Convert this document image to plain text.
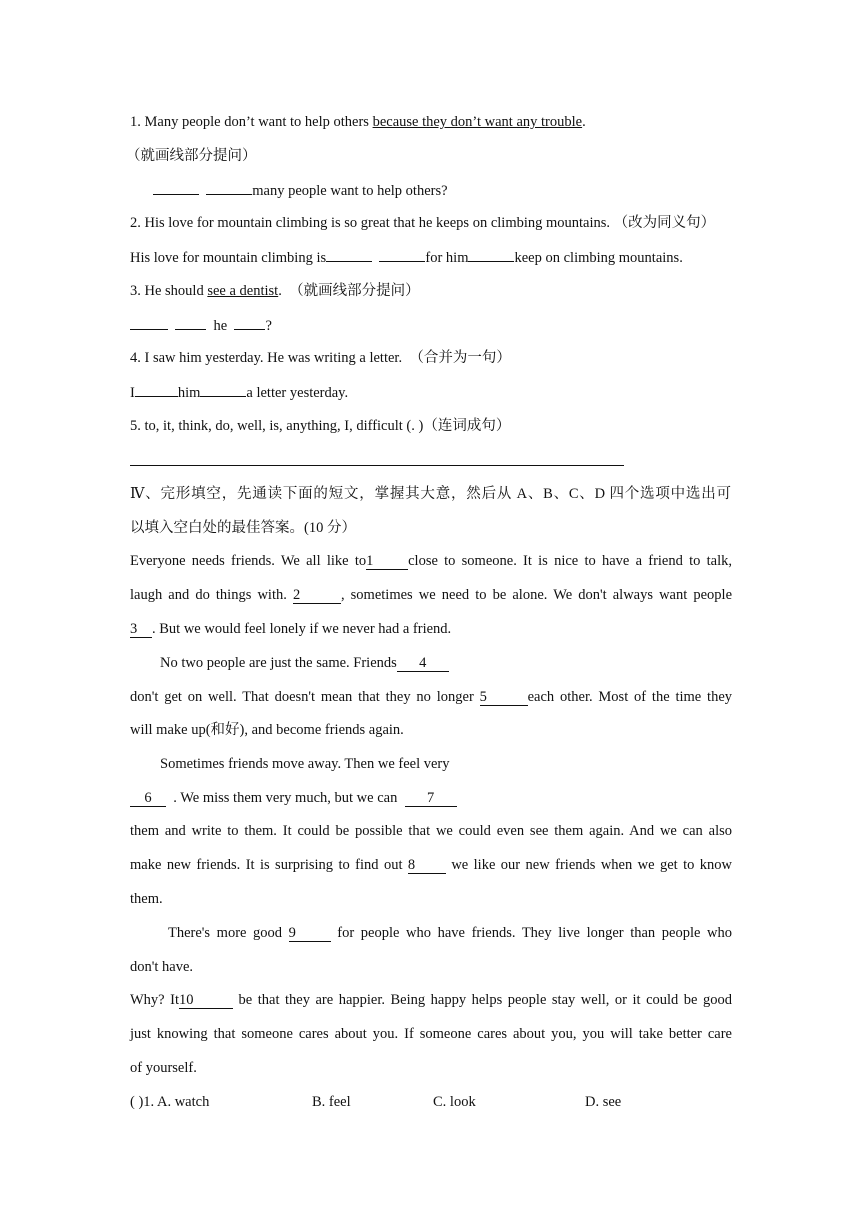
1. Many people don’t want to help others because they don’t want any trouble.
（就画线部分提问）
many people want to help others?
2. His love for mountain climbing is so great that he keeps on climbing mountains. （改为同义句）
His love for mountain climbing is	for him	keep on climbing mountains.
3. He should see a dentist. （就画线部分提问）
he	?
4. I saw him yesterday. He was writing a letter. （合并为一句）
I	him	a letter yesterday.
5. to, it, think, do, well, is, anything, I, difficult (. )（连词成句）
Ⅳ、完形填空，先通读下面的短文，掌握其大意，然后从 A、B、C、D 四个选项中选出可
以填入空白处的最佳答案。(10 分）
Everyone needs friends. We all like to1 close to someone. It is nice to have a friend to talk,
laugh and do things with. 2	, sometimes we need to be alone. We don't always want people
3 . But we would feel lonely if we never had a friend.
No two people are just the same. Friends 4
don't get on well. That doesn't mean that they no longer 5	each other. Most of the time they
will make up(和好), and become friends again.
Sometimes friends move away. Then we feel very
6 . We miss them very much, but we can 7
them and write to them. It could be possible that we could even see them again. And we can also
make new friends. It is surprising to find out 8 we like our new friends when we get to know
them.
There's more good 9	for people who have friends. They live longer than people who
don't have.
Why? It10	be that they are happier. Being happy helps people stay well, or it could be good
just knowing that someone cares about you. If someone cares about you, you will take better care
of yourself.
( )1. A. watch	B. feel	C. look	D. see
